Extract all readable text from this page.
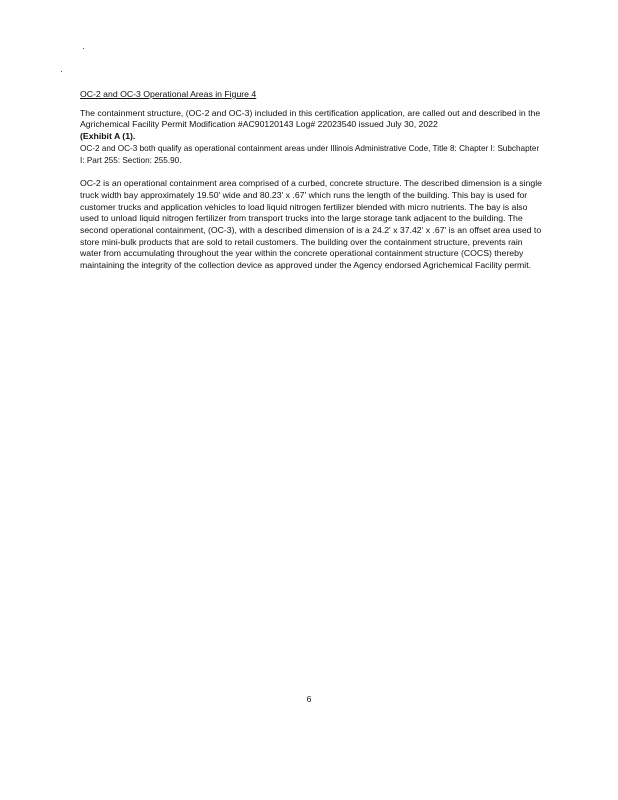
OC-2 and OC-3 Operational Areas in Figure 4

The containment structure, (OC-2 and OC-3) included in this certification application, are called out and described in the Agrichemical Facility Permit Modification #AC90120143 Log# 22023540 issued July 30, 2022
(Exhibit A (1).

OC-2 and OC-3 both qualify as operational containment areas under Illinois Administrative Code, Title 8: Chapter I: Subchapter I: Part 255: Section: 255.90.

OC-2 is an operational containment area comprised of a curbed, concrete structure. The described dimension is a single truck width bay approximately 19.50' wide and 80.23' x .67' which runs the length of the building. This bay is used for customer trucks and application vehicles to load liquid nitrogen fertilizer blended with micro nutrients. The bay is also used to unload liquid nitrogen fertilizer from transport trucks into the large storage tank adjacent to the building. The second operational containment, (OC-3), with a described dimension of is a 24.2' x 37.42' x .67' is an offset area used to store mini-bulk products that are sold to retail customers. The building over the containment structure, prevents rain water from accumulating throughout the year within the concrete operational containment structure (COCS) thereby maintaining the integrity of the collection device as approved under the Agency endorsed Agrichemical Facility permit.

6
